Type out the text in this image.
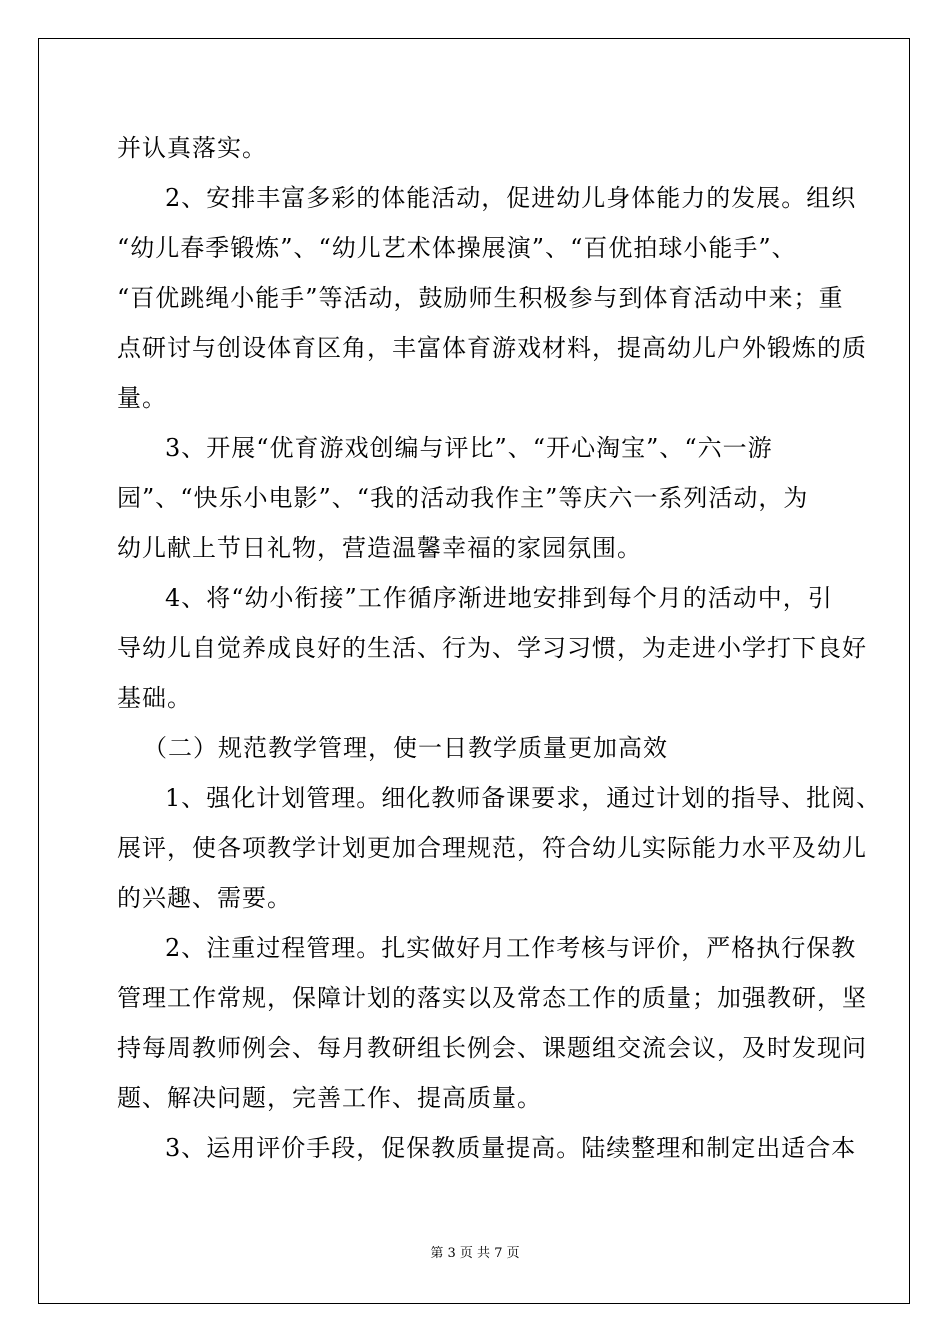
并认真落实。
2、安排丰富多彩的体能活动，促进幼儿身体能力的发展。组织
“幼儿春季锻炼”、“幼儿艺术体操展演”、“百优拍球小能手”、
“百优跳绳小能手”等活动，鼓励师生积极参与到体育活动中来；重
点研讨与创设体育区角，丰富体育游戏材料，提高幼儿户外锻炼的质
量。
3、开展“优育游戏创编与评比”、“开心淘宝”、“六一游
园”、“快乐小电影”、“我的活动我作主”等庆六一系列活动，为
幼儿献上节日礼物，营造温馨幸福的家园氛围。
4、将“幼小衔接”工作循序渐进地安排到每个月的活动中，引
导幼儿自觉养成良好的生活、行为、学习习惯，为走进小学打下良好
基础。
（二）规范教学管理，使一日教学质量更加高效
1、强化计划管理。细化教师备课要求，通过计划的指导、批阅、
展评，使各项教学计划更加合理规范，符合幼儿实际能力水平及幼儿
的兴趣、需要。
2、注重过程管理。扎实做好月工作考核与评价，严格执行保教
管理工作常规，保障计划的落实以及常态工作的质量；加强教研，坚
持每周教师例会、每月教研组长例会、课题组交流会议，及时发现问
题、解决问题，完善工作、提高质量。
3、运用评价手段，促保教质量提高。陆续整理和制定出适合本
第 3 页 共 7 页
